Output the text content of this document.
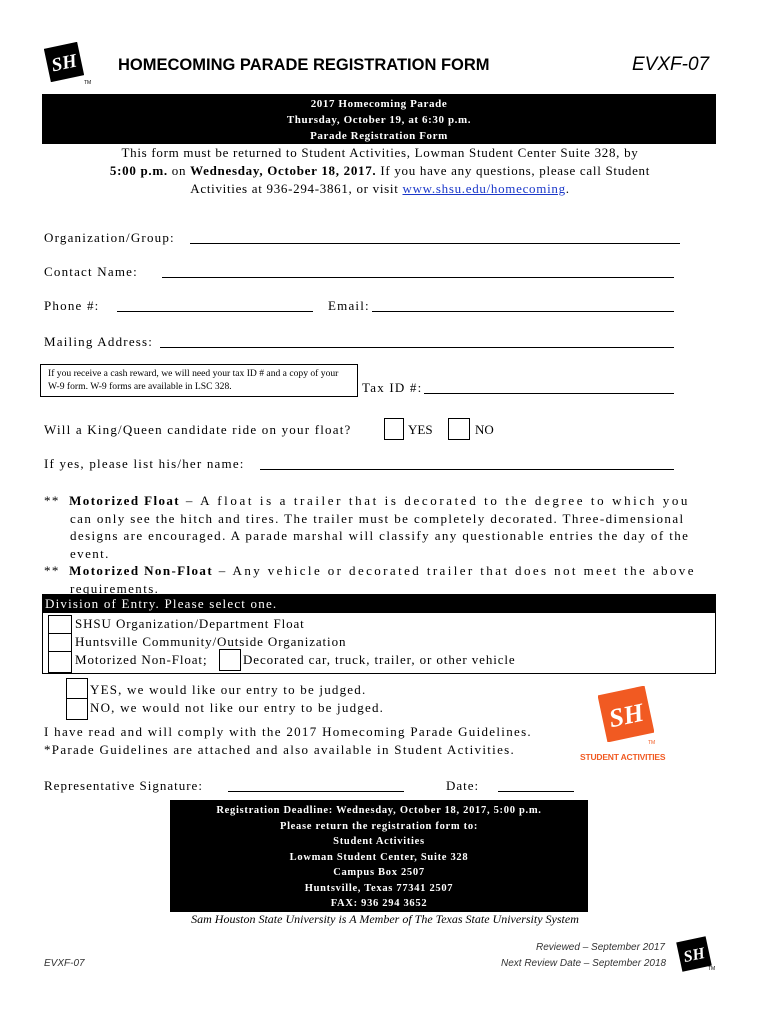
SH
TM
HOMECOMING PARADE REGISTRATION FORM	EVXF-07
2017 Homecoming Parade
Thursday, October 19, at 6:30 p.m.
Parade Registration Form
This form must be returned to Student Activities, Lowman Student Center Suite 328, by
5:00 p.m. on Wednesday, October 18, 2017. If you have any questions, please call Student
Activities at 936-294-3861, or visit www.shsu.edu/homecoming.
Organization/Group:
Contact Name:
Phone #:	Email:
Mailing Address:
If you receive a cash reward, we will need your tax ID # and a copy of your W-9 form. W-9 forms are available in LSC 328.	Tax ID #:
Will a King/Queen candidate ride on your float?	YES	NO
If yes, please list his/her name:
** Motorized Float – A float is a trailer that is decorated to the degree to which you
can only see the hitch and tires. The trailer must be completely decorated. Three-dimensional
designs are encouraged. A parade marshal will classify any questionable entries the day of the
event.
** Motorized Non-Float – Any vehicle or decorated trailer that does not meet the above
requirements.
Division of Entry. Please select one.
SHSU Organization/Department Float
Huntsville Community/Outside Organization
Motorized Non-Float;	Decorated car, truck, trailer, or other vehicle
YES, we would like our entry to be judged.
NO, we would not like our entry to be judged.
I have read and will comply with the 2017 Homecoming Parade Guidelines.
*Parade Guidelines are attached and also available in Student Activities.
SH
TM
STUDENT ACTIVITIES
Representative Signature:	Date:
Registration Deadline: Wednesday, October 18, 2017, 5:00 p.m.
Please return the registration form to:
Student Activities
Lowman Student Center, Suite 328
Campus Box 2507
Huntsville, Texas 77341 2507
FAX: 936 294 3652
Sam Houston State University is A Member of The Texas State University System
EVXF-07
Reviewed – September 2017
Next Review Date – September 2018 SH
TM
